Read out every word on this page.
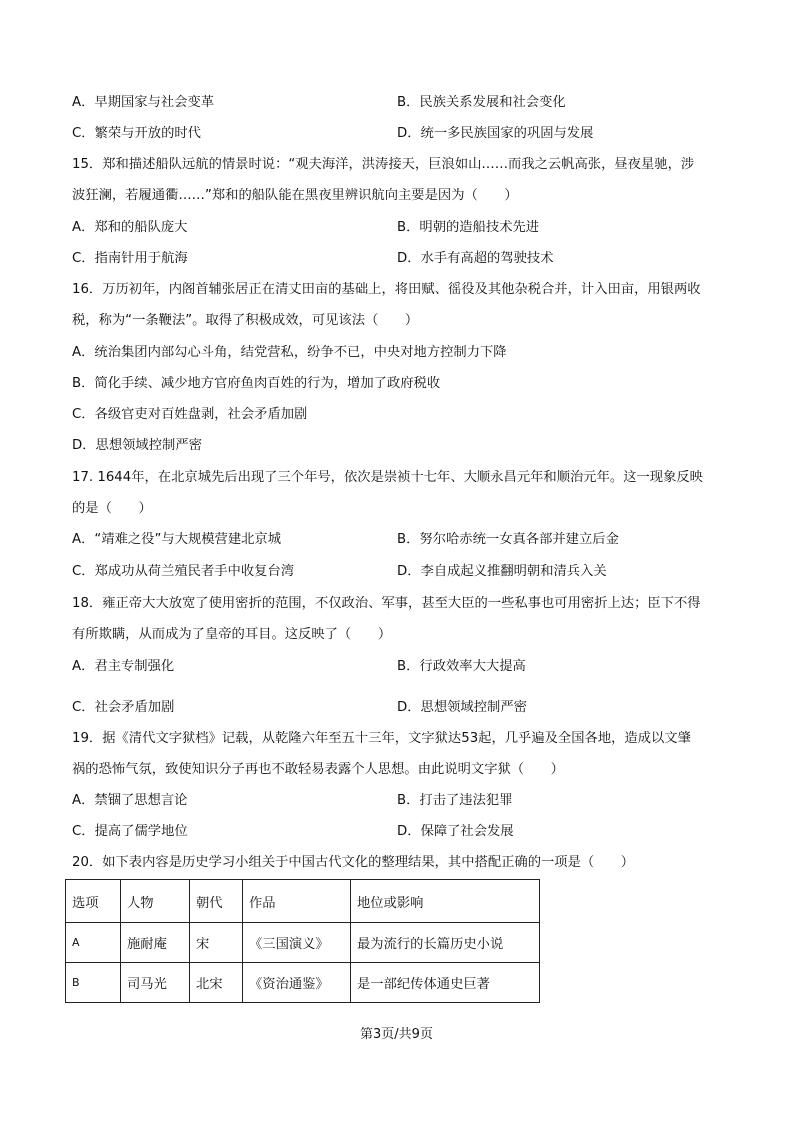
A．早期国家与社会变革	B．民族关系发展和社会变化
C．繁荣与开放的时代	D．统一多民族国家的巩固与发展
15．郑和描述船队远航的情景时说：“观夫海洋，洪涛接天，巨浪如山……而我之云帆高张，昼夜星驰，涉
波狂澜，若履通衢……”郑和的船队能在黑夜里辨识航向主要是因为（　　）
A．郑和的船队庞大	B．明朝的造船技术先进
C．指南针用于航海	D．水手有高超的驾驶技术
16．万历初年，内阁首辅张居正在清丈田亩的基础上，将田赋、徭役及其他杂税合并，计入田亩，用银两收
税，称为“一条鞭法”。取得了积极成效，可见该法（　　）
A．统治集团内部勾心斗角，结党营私，纷争不已，中央对地方控制力下降
B．简化手续、减少地方官府鱼肉百姓的行为，增加了政府税收
C．各级官吏对百姓盘剥，社会矛盾加剧
D．思想领域控制严密
17. 1644年，在北京城先后出现了三个年号，依次是崇祯十七年、大顺永昌元年和顺治元年。这一现象反映
的是（　　）
A．“靖难之役”与大规模营建北京城	B．努尔哈赤统一女真各部并建立后金
C．郑成功从荷兰殖民者手中收复台湾	D．李自成起义推翻明朝和清兵入关
18．雍正帝大大放宽了使用密折的范围，不仅政治、军事，甚至大臣的一些私事也可用密折上达；臣下不得
有所欺瞒，从而成为了皇帝的耳目。这反映了（　　）
A．君主专制强化	B．行政效率大大提高
C．社会矛盾加剧	D．思想领域控制严密
19．据《清代文字狱档》记载，从乾隆六年至五十三年，文字狱达53起，几乎遍及全国各地，造成以文肇
祸的恐怖气氛，致使知识分子再也不敢轻易表露个人思想。由此说明文字狱（　　）
A．禁锢了思想言论	B．打击了违法犯罪
C．提高了儒学地位	D．保障了社会发展
20．如下表内容是历史学习小组关于中国古代文化的整理结果，其中搭配正确的一项是（　　）
选项	人物	朝代	作品	地位或影响
A	施耐庵	宋	《三国演义》	最为流行的长篇历史小说
B	司马光	北宋	《资治通鉴》	是一部纪传体通史巨著
第3页/共9页
